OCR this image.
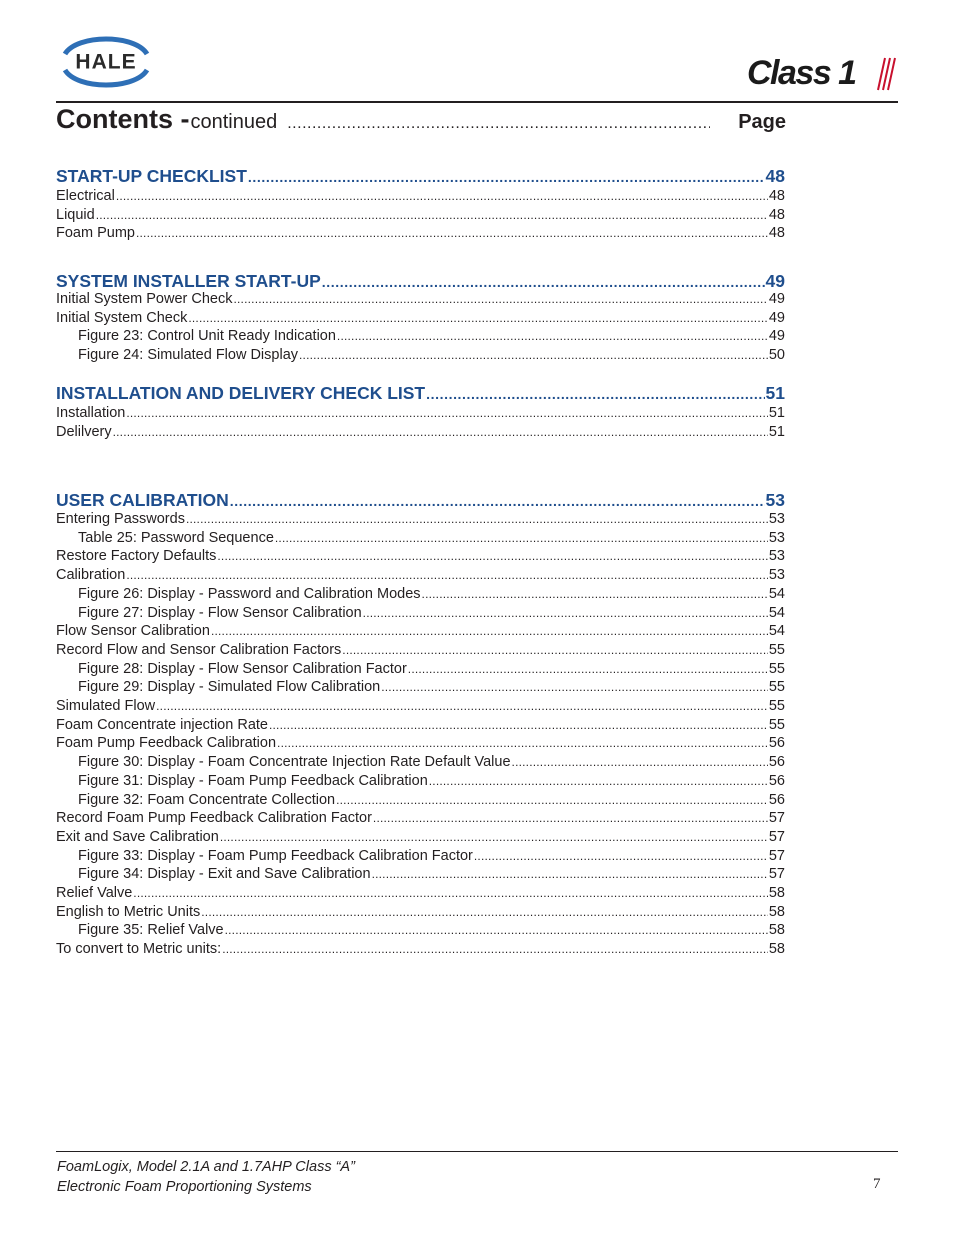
HALE	Class 1
Contents - continued .....	Page
START-UP CHECKLIST .....	48
Electrical .....	48
Liquid .....	48
Foam Pump .....	48
SYSTEM INSTALLER START-UP .....	49
Initial System Power Check .....	49
Initial System Check .....	49
Figure 23: Control Unit Ready Indication .....	49
Figure 24: Simulated Flow Display .....	50
INSTALLATION AND DELIVERY CHECK LIST .....	51
Installation .....	51
Delilvery .....	51
USER CALIBRATION .....	53
Entering Passwords .....	53
Table 25: Password Sequence .....	53
Restore Factory Defaults .....	53
Calibration .....	53
Figure 26: Display - Password and Calibration Modes .....	54
Figure 27: Display - Flow Sensor Calibration .....	54
Flow Sensor Calibration .....	54
Record Flow and Sensor Calibration Factors .....	55
Figure 28: Display - Flow Sensor Calibration Factor .....	55
Figure 29: Display - Simulated Flow Calibration .....	55
Simulated Flow .....	55
Foam Concentrate injection Rate .....	55
Foam Pump Feedback Calibration .....	56
Figure 30: Display - Foam Concentrate Injection Rate Default Value .....	56
Figure 31: Display - Foam Pump Feedback Calibration .....	56
Figure 32: Foam Concentrate Collection .....	56
Record Foam Pump Feedback Calibration Factor .....	57
Exit and Save Calibration .....	57
Figure 33: Display - Foam Pump Feedback Calibration Factor .....	57
Figure 34: Display - Exit and Save Calibration .....	57
Relief Valve .....	58
English to Metric Units .....	58
Figure 35: Relief Valve .....	58
To convert to Metric units: .....	58
FoamLogix, Model 2.1A and 1.7AHP Class “A”
Electronic Foam Proportioning Systems	7
